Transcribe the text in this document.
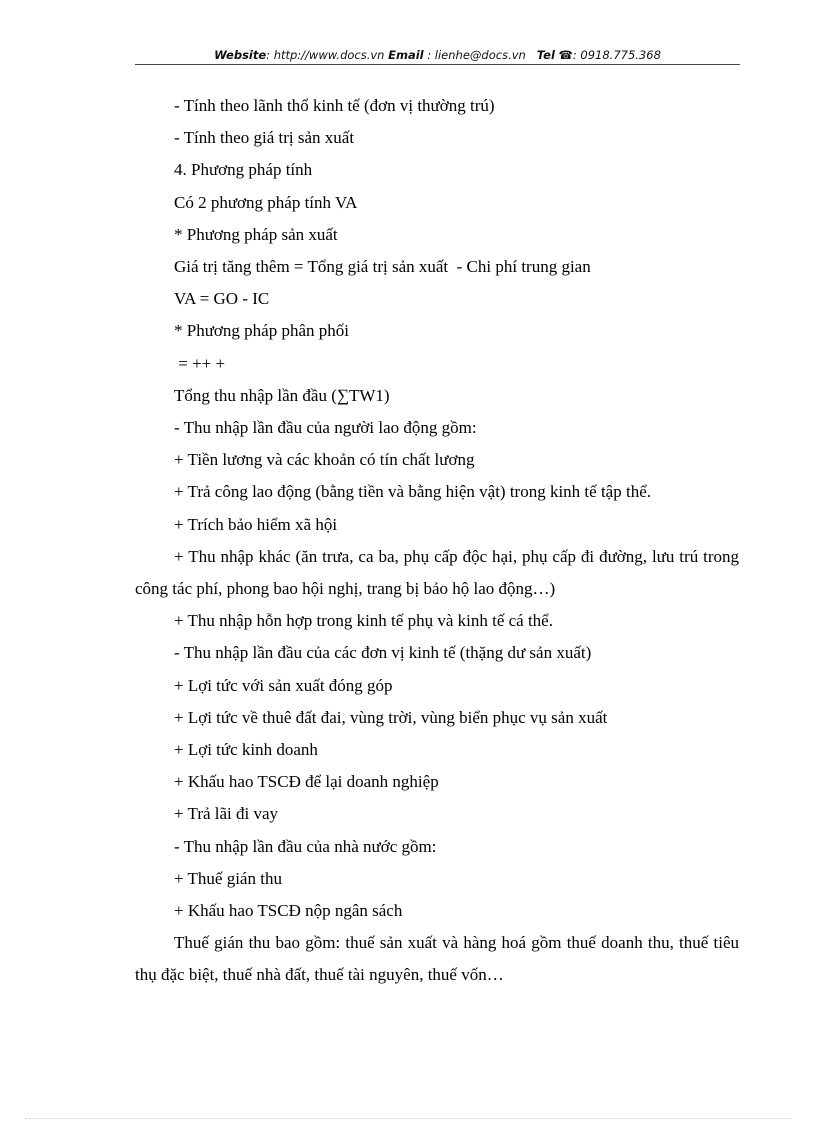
Website: http://www.docs.vn Email : lienhe@docs.vn Tel ☎: 0918.775.368

- Tính theo lãnh thổ kinh tế (đơn vị thường trú)

- Tính theo giá trị sản xuất

4. Phương pháp tính

Có 2 phương pháp tính VA

* Phương pháp sản xuất

Giá trị tăng thêm = Tổng giá trị sản xuất  - Chi phí trung gian

VA = GO - IC

* Phương pháp phân phối

= ++ +

Tổng thu nhập lần đầu (∑TW1)

- Thu nhập lần đầu của người lao động gồm:

+ Tiền lương và các khoản có tín chất lương

+ Trả công lao động (bằng tiền và bằng hiện vật) trong kinh tế tập thể.

+ Trích bảo hiểm xã hội

+ Thu nhập khác (ăn trưa, ca ba, phụ cấp độc hại, phụ cấp đi đường, lưu trú trong công tác phí, phong bao hội nghị, trang bị bảo hộ lao động…)

+ Thu nhập hỗn hợp trong kinh tế phụ và kinh tế cá thể.

- Thu nhập lần đầu của các đơn vị kinh tế (thặng dư sản xuất)

+ Lợi tức với sản xuất đóng góp

+ Lợi tức về thuê đất đai, vùng trời, vùng biển phục vụ sản xuất

+ Lợi tức kinh doanh

+ Khấu hao TSCĐ để lại doanh nghiệp

+ Trả lãi đi vay

- Thu nhập lần đầu của nhà nước gồm:

+ Thuế gián thu

+ Khấu hao TSCĐ nộp ngân sách

Thuế gián thu bao gồm: thuế sản xuất và hàng hoá gồm thuế doanh thu, thuế tiêu thụ đặc biệt, thuế nhà đất, thuế tài nguyên, thuế vốn…
